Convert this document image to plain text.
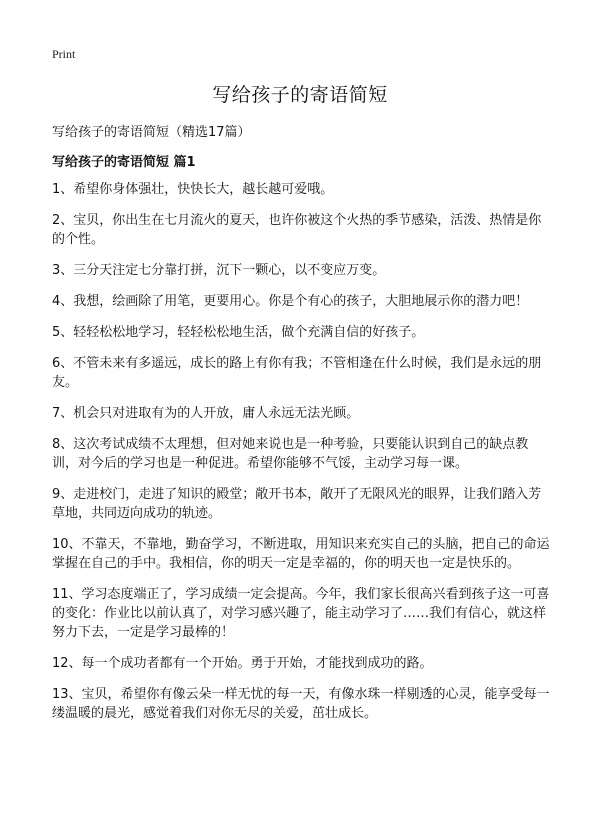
Print
写给孩子的寄语简短

写给孩子的寄语简短（精选17篇）

写给孩子的寄语简短 篇1
1、希望你身体强壮，快快长大，越长越可爱哦。
2、宝贝，你出生在七月流火的夏天，也许你被这个火热的季节感染，活泼、热情是你的个性。
3、三分天注定七分靠打拼，沉下一颗心，以不变应万变。
4、我想，绘画除了用笔，更要用心。你是个有心的孩子，大胆地展示你的潜力吧！
5、轻轻松松地学习，轻轻松松地生活，做个充满自信的好孩子。
6、不管未来有多遥远，成长的路上有你有我；不管相逢在什么时候，我们是永远的朋友。
7、机会只对进取有为的人开放，庸人永远无法光顾。
8、这次考试成绩不太理想，但对她来说也是一种考验，只要能认识到自己的缺点教训，对今后的学习也是一种促进。希望你能够不气馁，主动学习每一课。
9、走进校门，走进了知识的殿堂；敞开书本，敞开了无限风光的眼界，让我们踏入芳草地，共同迈向成功的轨迹。
10、不靠天，不靠地，勤奋学习，不断进取，用知识来充实自己的头脑，把自己的命运掌握在自己的手中。我相信，你的明天一定是幸福的，你的明天也一定是快乐的。
11、学习态度端正了，学习成绩一定会提高。今年，我们家长很高兴看到孩子这一可喜的变化：作业比以前认真了，对学习感兴趣了，能主动学习了……我们有信心，就这样努力下去，一定是学习最棒的！
12、每一个成功者都有一个开始。勇于开始，才能找到成功的路。
13、宝贝，希望你有像云朵一样无忧的每一天，有像水珠一样剔透的心灵，能享受每一缕温暖的晨光，感觉着我们对你无尽的关爱，茁壮成长。
